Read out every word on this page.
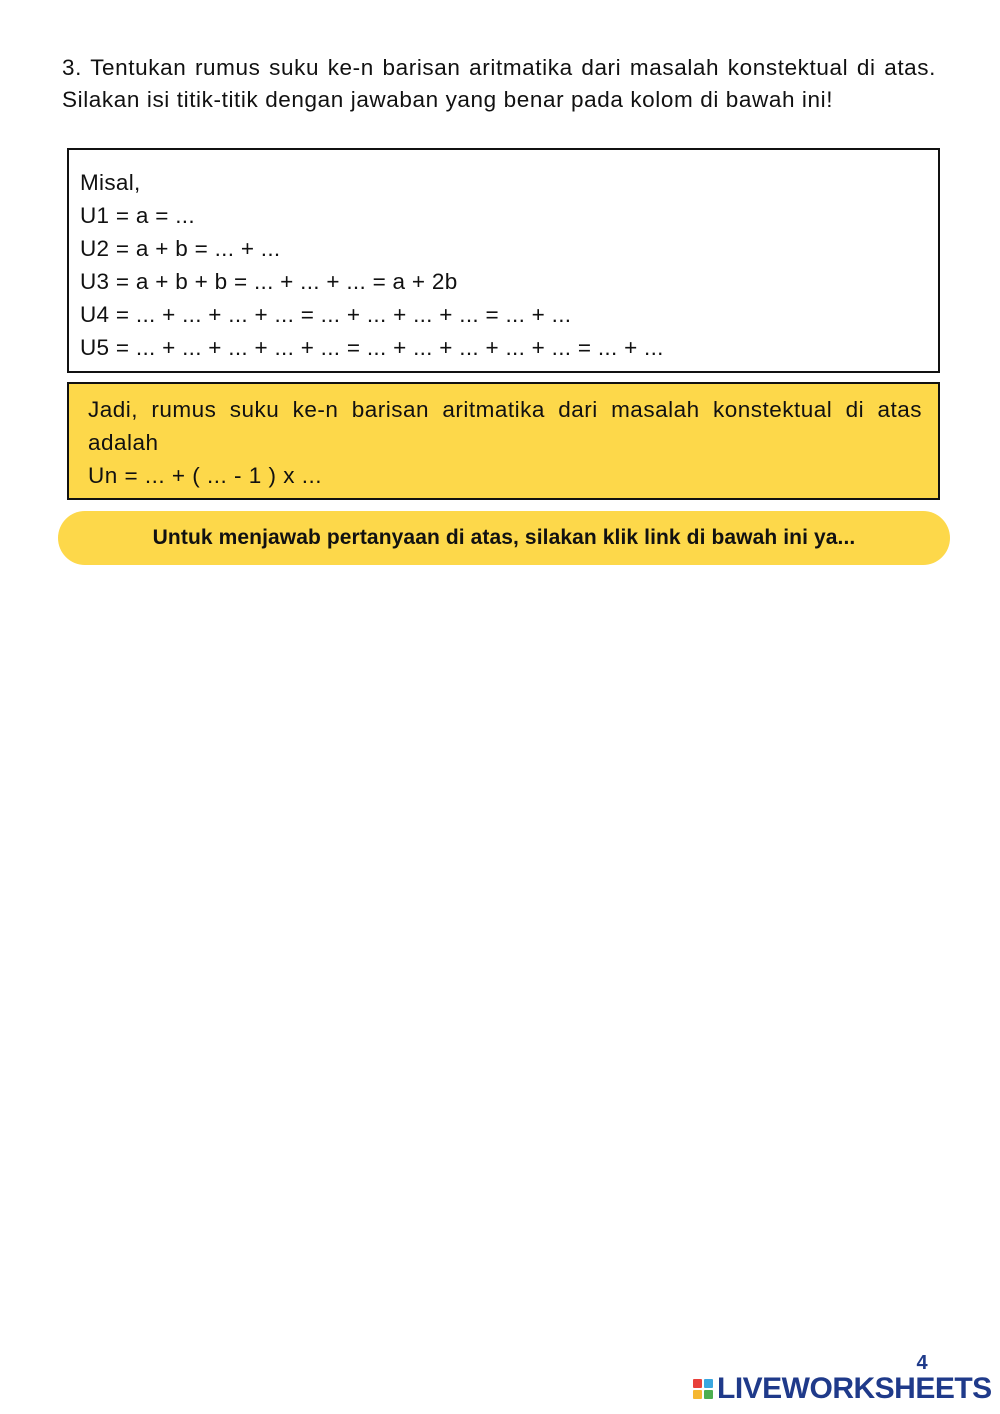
3. Tentukan rumus suku ke-n barisan aritmatika dari masalah konstektual di atas. Silakan isi titik-titik dengan jawaban yang benar pada kolom di bawah ini!
Misal,
U1 = a = ...
U2 = a + b = ... + ...
U3 = a + b + b = ... + ... + ... = a + 2b
U4 = ... + ... + ... + ... = ... + ... + ... + ... = ... + ...
U5 = ... + ... + ... + ... + ... = ... + ... + ... + ... + ... = ... + ...
Jadi, rumus suku ke-n barisan aritmatika dari masalah konstektual di atas adalah
Un = ... + ( ... - 1 ) x ...
Untuk menjawab pertanyaan di atas, silakan klik link di bawah ini ya...
4
LIVEWORKSHEETS
